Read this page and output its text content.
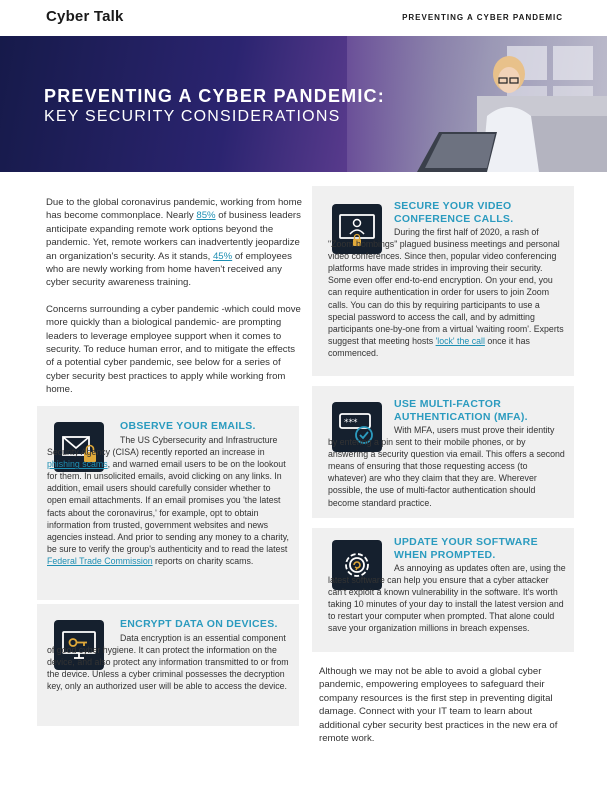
Cyber Talk	PREVENTING A CYBER PANDEMIC
PREVENTING A CYBER PANDEMIC:
KEY SECURITY CONSIDERATIONS

Due to the global coronavirus pandemic, working from home has become commonplace. Nearly 85% of business leaders anticipate expanding remote work options beyond the pandemic. Yet, remote workers can inadvertently jeopardize an organization's security. As it stands, 45% of employees who are newly working from home haven't received any cyber security awareness training.

Concerns surrounding a cyber pandemic -which could move more quickly than a biological pandemic- are prompting leaders to leverage employee support when it comes to security. To reduce human error, and to mitigate the effects of a potential cyber pandemic, see below for a series of cyber security best practices to apply while working from home.

OBSERVE YOUR EMAILS.
The US Cybersecurity and Infrastructure Security Agency (CISA) recently reported an increase in phishing scams, and warned email users to be on the lookout for them. In unsolicited emails, avoid clicking on any links. In addition, email users should carefully consider whether to open email attachments. If an email promises you 'the latest facts about the coronavirus,' for example, opt to obtain information from trusted, government websites and news agencies instead. And prior to sending any money to a charity, be sure to verify the group's authenticity and to read the latest Federal Trade Commission reports on charity scams.
ENCRYPT DATA ON DEVICES.
Data encryption is an essential component of good cyber hygiene. It can protect the information on the device, and also protect any information transmitted to or from the device. Unless a cyber criminal possesses the decryption key, only an authorized user will be able to access the device.
SECURE YOUR VIDEO
CONFERENCE CALLS.
During the first half of 2020, a rash of "Zoom bombings" plagued business meetings and personal video conferences. Since then, popular video conferencing platforms have made strides in improving their security. Some even offer end-to-end encryption. On your end, you can require authentication in order for users to join Zoom calls. You can do this by requiring participants to use a special password to access the call, and by admitting participants one-by-one from a virtual 'waiting room'. Experts suggest that meeting hosts 'lock' the call once it has commenced.
***
USE MULTI-FACTOR
AUTHENTICATION (MFA).
With MFA, users must prove their identity by entering a pin sent to their mobile phones, or by answering a security question via email. This offers a second means of ensuring that those requesting access (to whatever) are who they claim that they are. Wherever possible, the use of multi-factor authentication should become standard practice.
UPDATE YOUR SOFTWARE
WHEN PROMPTED.
As annoying as updates often are, using the latest software can help you ensure that a cyber attacker can't exploit a known vulnerability in the software. It's worth taking 10 minutes of your day to install the latest version and to restart your computer when prompted. That alone could save your organization millions in breach expenses.
Although we may not be able to avoid a global cyber pandemic, empowering employees to safeguard their company resources is the first step in preventing digital damage. Connect with your IT team to learn about additional cyber security best practices in the new era of remote work.
